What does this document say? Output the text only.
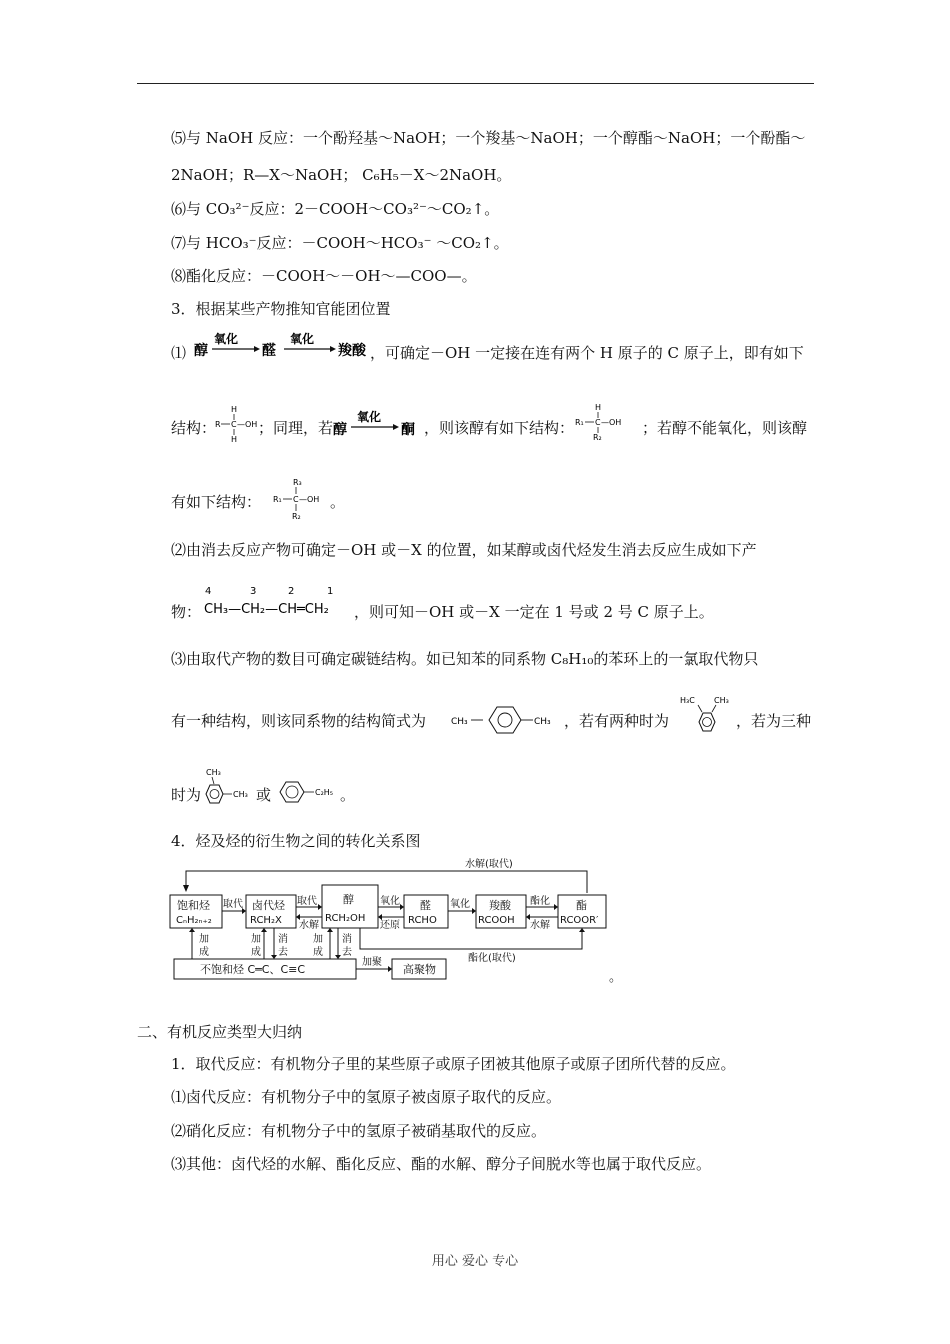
⑸与 NaOH 反应：一个酚羟基～NaOH；一个羧基～NaOH；一个醇酯～NaOH；一个酚酯～
2NaOH；R—X～NaOH； C₆H₅－X～2NaOH。
⑹与 CO₃²⁻反应：2－COOH～CO₃²⁻～CO₂↑。
⑺与 HCO₃⁻反应：－COOH～HCO₃⁻ ～CO₂↑。
⑻酯化反应：－COOH～－OH～—COO—。
3．根据某些产物推知官能团位置
⑴ 醇
氧化
醛
氧化
羧酸 ，可确定－OH 一定接在连有两个 H 原子的 C 原子上，即有如下
结构：
H
R C —OH
H
；同理，若 醇
氧化
酮 ，则该醇有如下结构：
H
R₁ C —OH
R₂
；若醇不能氧化，则该醇
有如下结构：
R₃
R₁ C —OH
R₂
。
⑵由消去反应产物可确定－OH 或－X 的位置，如某醇或卤代烃发生消去反应生成如下产
物：
4	3	2	1
CH₃—CH₂—CH═CH₂ ，则可知－OH 或－X 一定在 1 号或 2 号 C 原子上。
⑶由取代产物的数目可确定碳链结构。如已知苯的同系物 C₈H₁₀的苯环上的一氯取代物只
有一种结构，则该同系物的结构简式为	CH₃	CH₃ ，若有两种时为
H₃C CH₃
，若为三种
时为
CH₃
CH₃ 或	C₂H₅ 。
4．烃及烃的衍生物之间的转化关系图
水解(取代)
饱和烃
CₙH₂ₙ₊₂
卤代烃
RCH₂X
醇
RCH₂OH
醛
RCHO
羧酸
RCOOH
酯
RCOOR′
不饱和烃 C═C、C≡C	高聚物
取代	取代
水解
氧化
还原
氧化	酯化
水解
加
成
加
成
消
去
加
成
消
去
加聚	酯化(取代)
。
二、有机反应类型大归纳
1．取代反应：有机物分子里的某些原子或原子团被其他原子或原子团所代替的反应。
⑴卤代反应：有机物分子中的氢原子被卤原子取代的反应。
⑵硝化反应：有机物分子中的氢原子被硝基取代的反应。
⑶其他：卤代烃的水解、酯化反应、酯的水解、醇分子间脱水等也属于取代反应。
用心 爱心 专心
